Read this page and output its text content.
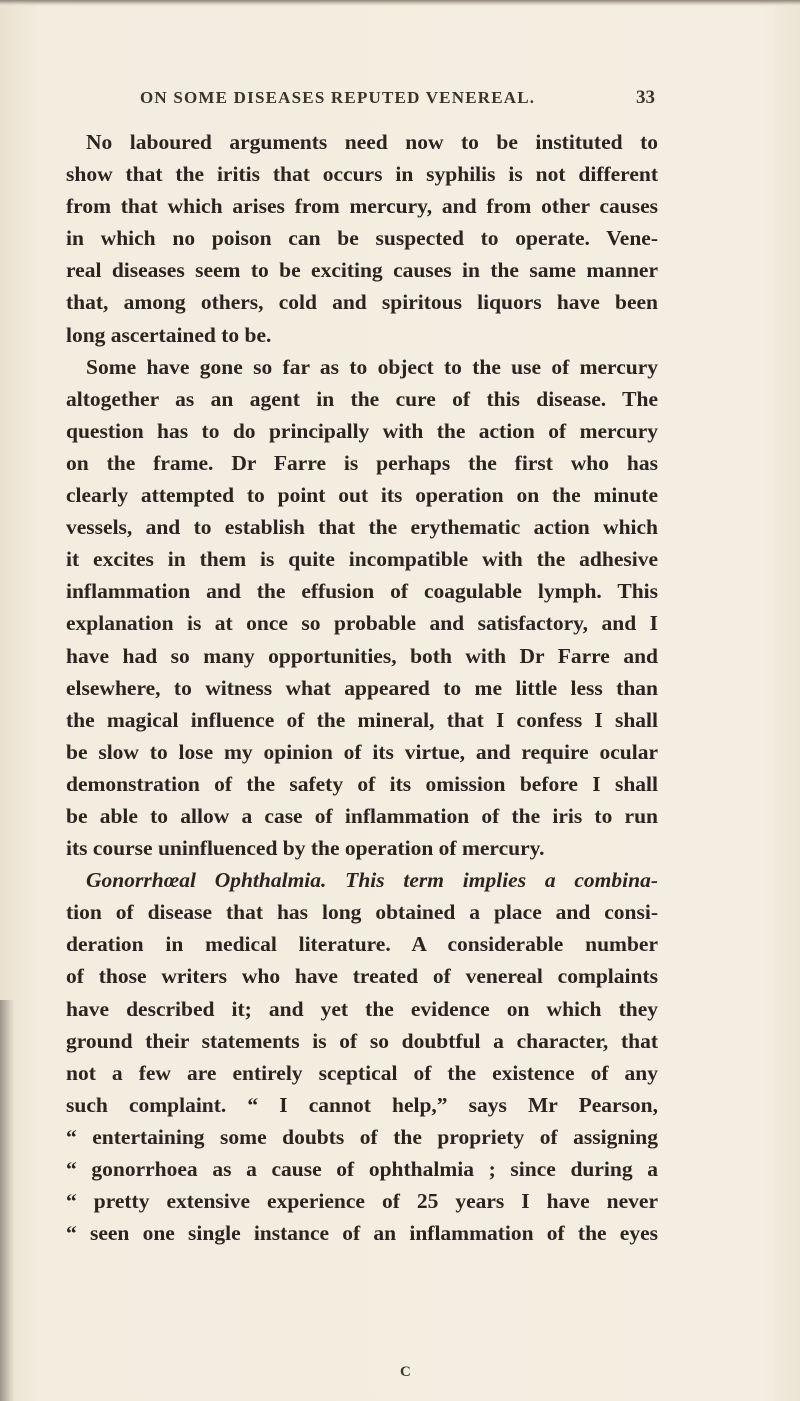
ON SOME DISEASES REPUTED VENEREAL.	33
No laboured arguments need now to be instituted to
show that the iritis that occurs in syphilis is not different
from that which arises from mercury, and from other causes
in which no poison can be suspected to operate. Vene-
real diseases seem to be exciting causes in the same manner
that, among others, cold and spiritous liquors have been
long ascertained to be.
Some have gone so far as to object to the use of mercury
altogether as an agent in the cure of this disease. The
question has to do principally with the action of mercury
on the frame. Dr Farre is perhaps the first who has
clearly attempted to point out its operation on the minute
vessels, and to establish that the erythematic action which
it excites in them is quite incompatible with the adhesive
inflammation and the effusion of coagulable lymph. This
explanation is at once so probable and satisfactory, and I
have had so many opportunities, both with Dr Farre and
elsewhere, to witness what appeared to me little less than
the magical influence of the mineral, that I confess I shall
be slow to lose my opinion of its virtue, and require ocular
demonstration of the safety of its omission before I shall
be able to allow a case of inflammation of the iris to run
its course uninfluenced by the operation of mercury.
Gonorrhœal Ophthalmia. This term implies a combina-
tion of disease that has long obtained a place and consi-
deration in medical literature. A considerable number
of those writers who have treated of venereal complaints
have described it; and yet the evidence on which they
ground their statements is of so doubtful a character, that
not a few are entirely sceptical of the existence of any
such complaint. “ I cannot help,” says Mr Pearson,
“ entertaining some doubts of the propriety of assigning
“ gonorrhoea as a cause of ophthalmia ; since during a
“ pretty extensive experience of 25 years I have never
“ seen one single instance of an inflammation of the eyes
C
